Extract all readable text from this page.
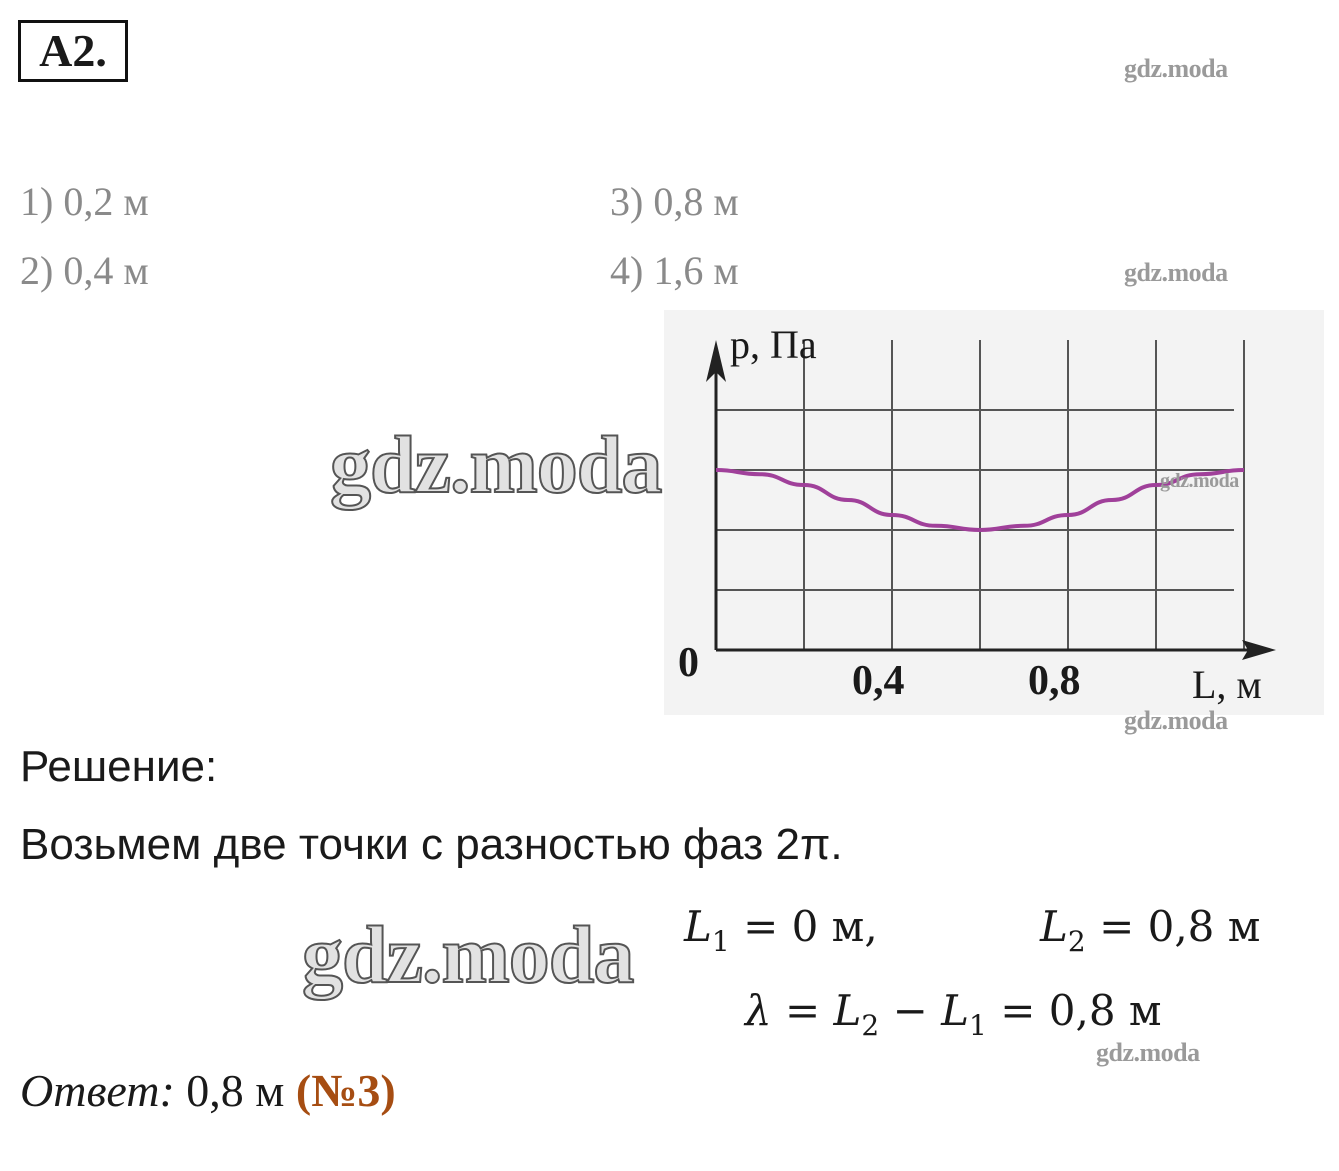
А2.
1) 0,2 м
2) 0,4 м
3) 0,8 м
4) 1,6 м
gdz.moda
gdz.moda
p, Па
L, м
0	0,4	0,8
gdz.moda
gdz.moda
gdz.moda
Решение:
Возьмем две точки с разностью фаз 2π.
gdz.moda $L_1 = 0$ м,	$L_2 = 0,8$ м
$\lambda = L_2 - L_1 = 0,8$ м
gdz.moda
Ответ: 0,8 м (№3)
